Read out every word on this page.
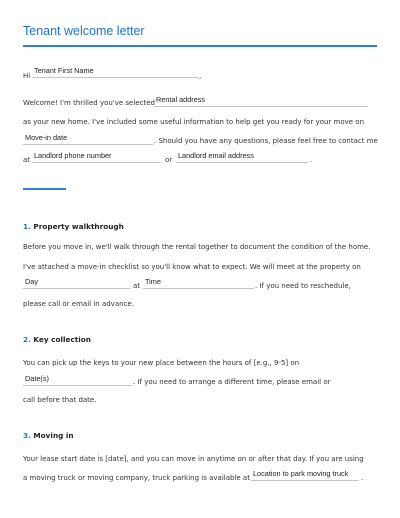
Tenant welcome letter
Hi
Tenant First Name
,
Welcome! I'm thrilled you've selected Rental address
as your new home. I've included some useful information to help get you ready for your move on
Move-in date	. Should you have any questions, please feel free to contact me
at Landlord phone number	or Landlord email address	.
1. Property walkthrough
Before you move in, we'll walk through the rental together to document the condition of the home.
I've attached a move-in checklist so you'll know what to expect. We will meet at the property on
Day	at Time	. If you need to reschedule,
please call or email in advance.
2. Key collection
You can pick up the keys to your new place between the hours of [e.g., 9-5] on
Date(s)	. If you need to arrange a different time, please email or
call before that date.
3. Moving in
Your lease start date is [date], and you can move in anytime on or after that day. If you are using
a moving truck or moving company, truck parking is available at Location to park moving truck	.
